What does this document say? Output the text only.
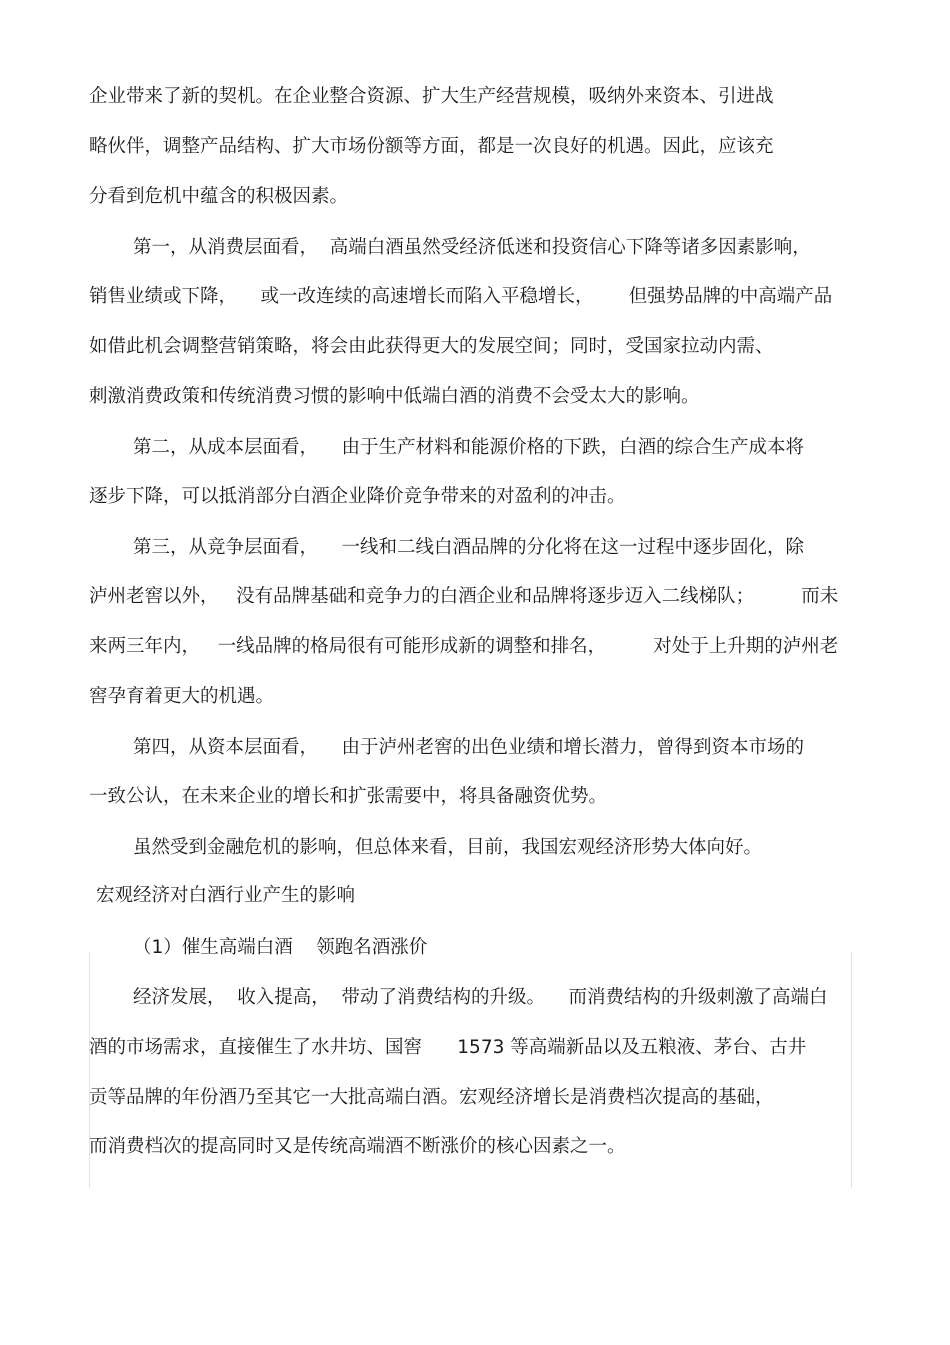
企业带来了新的契机。在企业整合资源、扩大生产经营规模，吸纳外来资本、引进战
略伙伴，调整产品结构、扩大市场份额等方面，都是一次良好的机遇。因此，应该充
分看到危机中蕴含的积极因素。
第一，从消费层面看，  高端白酒虽然受经济低迷和投资信心下降等诸多因素影响，
销售业绩或下降，    或一改连续的高速增长而陷入平稳增长，      但强势品牌的中高端产品
如借此机会调整营销策略，将会由此获得更大的发展空间；同时，受国家拉动内需、
刺激消费政策和传统消费习惯的影响中低端白酒的消费不会受太大的影响。
第二，从成本层面看，    由于生产材料和能源价格的下跌，白酒的综合生产成本将
逐步下降，可以抵消部分白酒企业降价竞争带来的对盈利的冲击。
第三，从竞争层面看，    一线和二线白酒品牌的分化将在这一过程中逐步固化，除
泸州老窖以外，   没有品牌基础和竞争力的白酒企业和品牌将逐步迈入二线梯队；        而未
来两三年内，   一线品牌的格局很有可能形成新的调整和排名，        对处于上升期的泸州老
窖孕育着更大的机遇。
第四，从资本层面看，    由于泸州老窖的出色业绩和增长潜力，曾得到资本市场的
一致公认，在未来企业的增长和扩张需要中，将具备融资优势。
虽然受到金融危机的影响，但总体来看，目前，我国宏观经济形势大体向好。
宏观经济对白酒行业产生的影响
（1）催生高端白酒    领跑名酒涨价
经济发展，  收入提高，  带动了消费结构的升级。    而消费结构的升级刺激了高端白
酒的市场需求，直接催生了水井坊、国窖      1573 等高端新品以及五粮液、茅台、古井
贡等品牌的年份酒乃至其它一大批高端白酒。宏观经济增长是消费档次提高的基础，
而消费档次的提高同时又是传统高端酒不断涨价的核心因素之一。
